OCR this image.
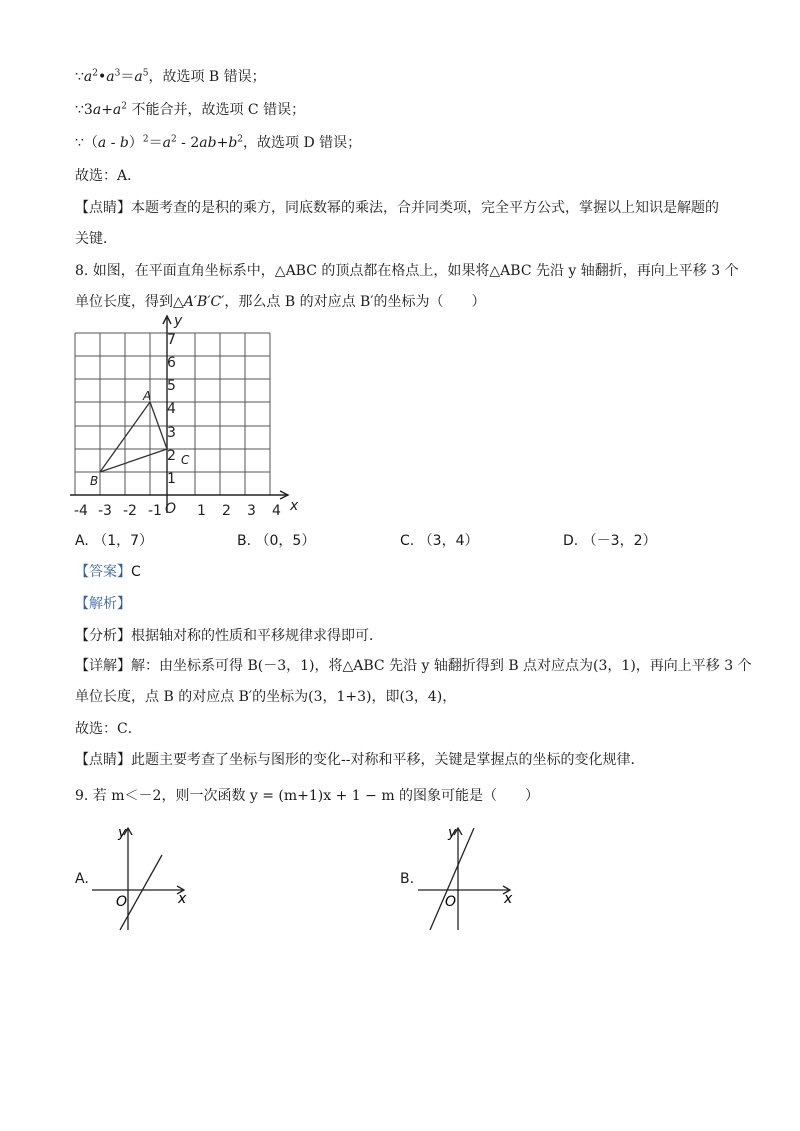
$\because a^2•a^3=a^5$，故选项 B 错误；
$\because 3a+a^2$ 不能合并，故选项 C 错误；
∵（a - $b)^2=a^2 - 2ab+b^2$，故选项 D 错误；
故选：A．
【点睛】本题考查的是积的乘方，同底数幂的乘法，合并同类项，完全平方公式，掌握以上知识是解题的
关键．
8. 如图，在平面直角坐标系中，△ABC 的顶点都在格点上，如果将△ABC 先沿 y 轴翻折，再向上平移 3 个
单位长度，得到△A′B′C′，那么点 B 的对应点 B′的坐标为（　　）
y
x
O
A
B
C
-4 -3 -2 -1	1 2 3 4
1
2
3
4
5
6
7
A. （1，7）	B. （0，5）	C. （3，4）	D. （－3，2）
【答案】C
【解析】
【分析】根据轴对称的性质和平移规律求得即可．
【详解】解：由坐标系可得 B(－3，1)，将△ABC 先沿 y 轴翻折得到 B 点对应点为(3，1)，再向上平移 3 个
单位长度，点 B 的对应点 B′的坐标为(3，1+3)，即(3，4)，
故选：C．
【点睛】此题主要考查了坐标与图形的变化--对称和平移，关键是掌握点的坐标的变化规律．
9. 若 m＜－2，则一次函数 y = (m+1)x + 1 − m 的图象可能是（　　）
A.
y
x
O
B.
y
x
O
